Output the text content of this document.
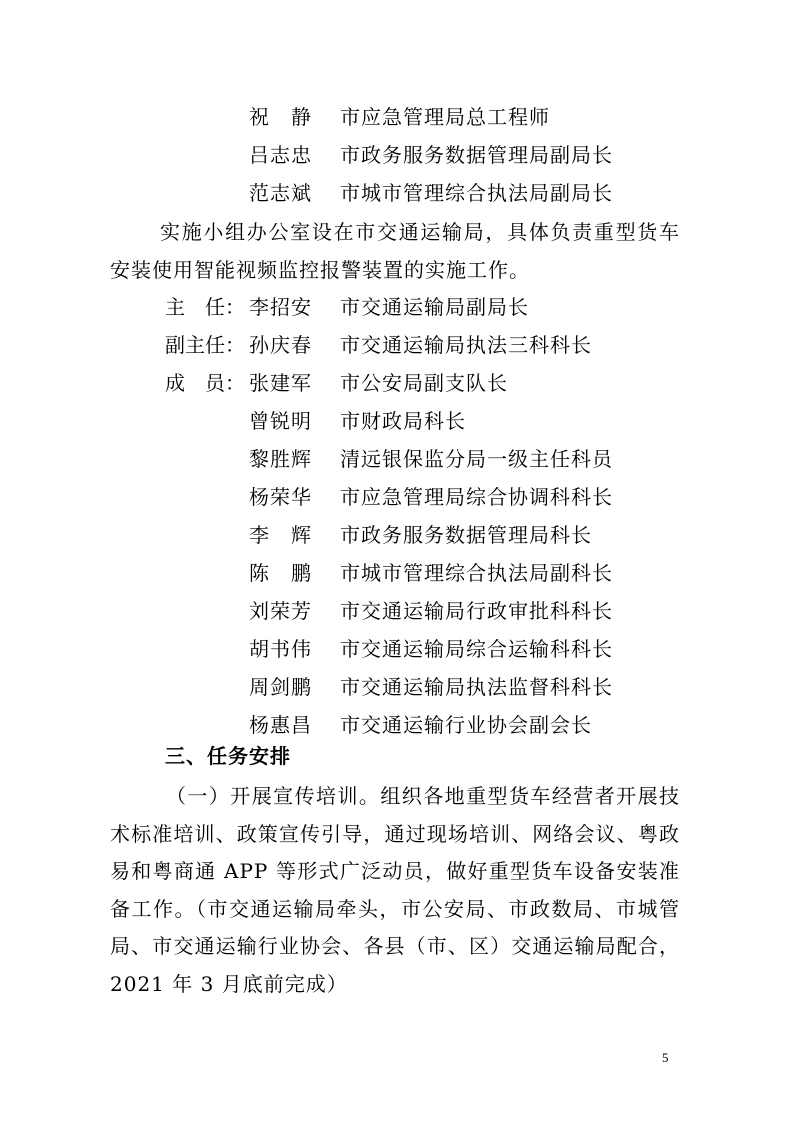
祝　静	市应急管理局总工程师
吕志忠	市政务服务数据管理局副局长
范志斌	市城市管理综合执法局副局长
实施小组办公室设在市交通运输局，具体负责重型货车安装使用智能视频监控报警装置的实施工作。
主　任： 李招安	市交通运输局副局长
副主任： 孙庆春	市交通运输局执法三科科长
成　员： 张建军	市公安局副支队长
曾锐明	市财政局科长
黎胜辉	清远银保监分局一级主任科员
杨荣华	市应急管理局综合协调科科长
李　辉	市政务服务数据管理局科长
陈　鹏	市城市管理综合执法局副科长
刘荣芳	市交通运输局行政审批科科长
胡书伟	市交通运输局综合运输科科长
周剑鹏	市交通运输局执法监督科科长
杨惠昌	市交通运输行业协会副会长
三、任务安排
（一）开展宣传培训。组织各地重型货车经营者开展技术标准培训、政策宣传引导，通过现场培训、网络会议、粤政易和粤商通 APP 等形式广泛动员，做好重型货车设备安装准备工作。（市交通运输局牵头，市公安局、市政数局、市城管局、市交通运输行业协会、各县（市、区）交通运输局配合，2021 年 3 月底前完成）
5
